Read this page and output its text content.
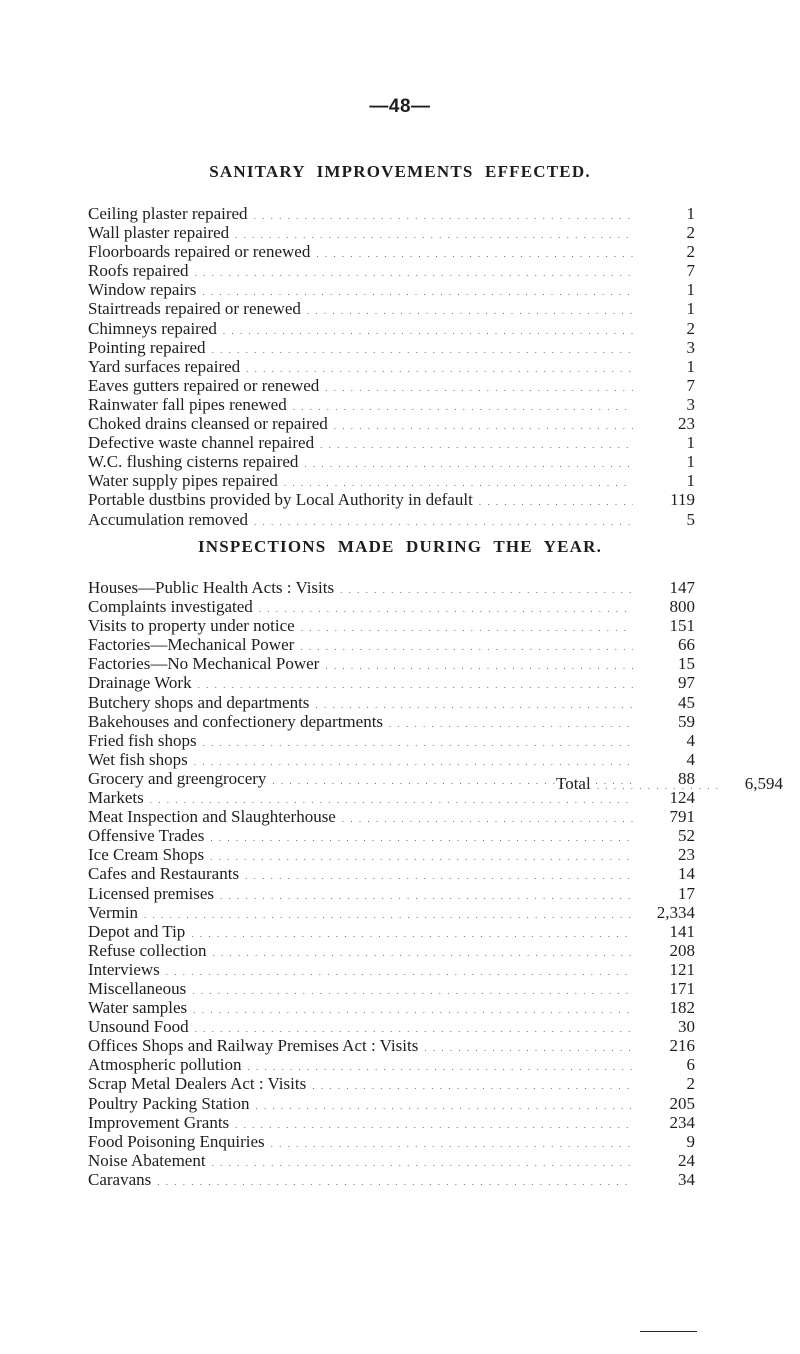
—48—
SANITARY IMPROVEMENTS EFFECTED.
Ceiling plaster repaired . . .	1
Wall plaster repaired . . .	2
Floorboards repaired or renewed . . .	2
Roofs repaired . . .	7
Window repairs . . .	1
Stairtreads repaired or renewed . . .	1
Chimneys repaired . . .	2
Pointing repaired . . .	3
Yard surfaces repaired . . .	1
Eaves gutters repaired or renewed . . .	7
Rainwater fall pipes renewed . . .	3
Choked drains cleansed or repaired . . .	23
Defective waste channel repaired . . .	1
W.C. flushing cisterns repaired . . .	1
Water supply pipes repaired . . .	1
Portable dustbins provided by Local Authority in default . . .	119
Accumulation removed . . .	5
INSPECTIONS MADE DURING THE YEAR.
Houses—Public Health Acts : Visits . . .	147
Complaints investigated . . .	800
Visits to property under notice . . .	151
Factories—Mechanical Power . . .	66
Factories—No Mechanical Power . . .	15
Drainage Work . . .	97
Butchery shops and departments . . .	45
Bakehouses and confectionery departments . . .	59
Fried fish shops . . .	4
Wet fish shops . . .	4
Grocery and greengrocery . . .	88
Markets . . .	124
Meat Inspection and Slaughterhouse . . .	791
Offensive Trades . . .	52
Ice Cream Shops . . .	23
Cafes and Restaurants . . .	14
Licensed premises . . .	17
Vermin . . .	2,334
Depot and Tip . . .	141
Refuse collection . . .	208
Interviews . . .	121
Miscellaneous . . .	171
Water samples . . .	182
Unsound Food . . .	30
Offices Shops and Railway Premises Act : Visits . . .	216
Atmospheric pollution . . .	6
Scrap Metal Dealers Act : Visits . . .	2
Poultry Packing Station . . .	205
Improvement Grants . . .	234
Food Poisoning Enquiries . . .	9
Noise Abatement . . .	24
Caravans . . .	34
Total . . .	6,594
